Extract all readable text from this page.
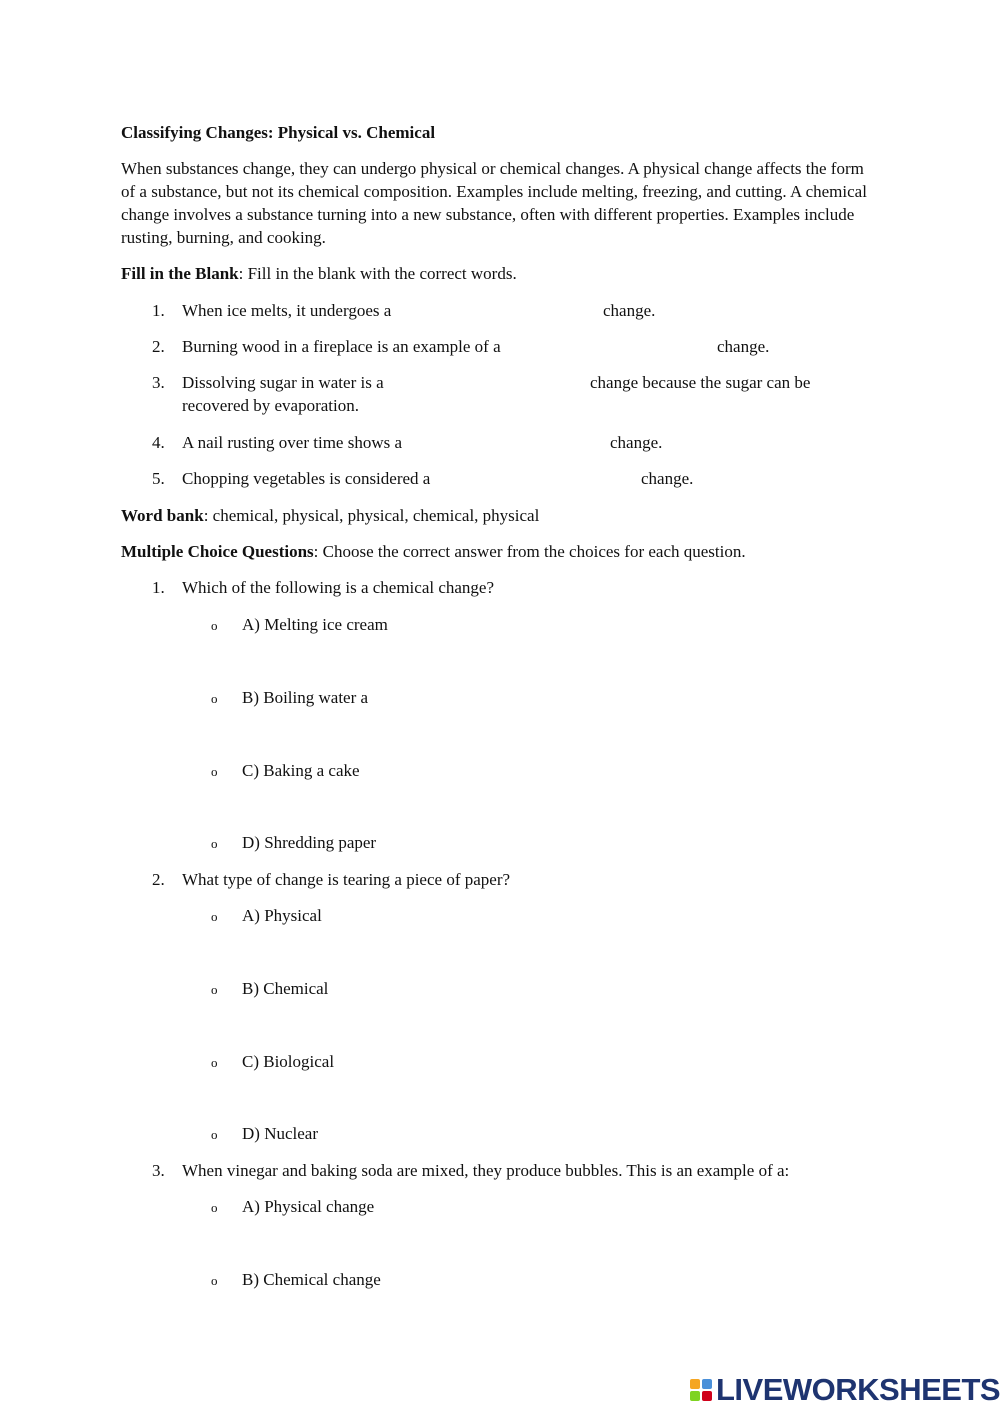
Classifying Changes: Physical vs. Chemical

When substances change, they can undergo physical or chemical changes. A physical change affects the form of a substance, but not its chemical composition. Examples include melting, freezing, and cutting. A chemical change involves a substance turning into a new substance, often with different properties. Examples include rusting, burning, and cooking.

Fill in the Blank: Fill in the blank with the correct words.
1. When ice melts, it undergoes a	change.
2. Burning wood in a fireplace is an example of a	change.
3. Dissolving sugar in water is a	change because the sugar can be
recovered by evaporation.
4. A nail rusting over time shows a	change.
5. Chopping vegetables is considered a	change.
Word bank: chemical, physical, physical, chemical, physical
Multiple Choice Questions: Choose the correct answer from the choices for each question.
1. Which of the following is a chemical change?
o A) Melting ice cream
o B) Boiling water a
o C) Baking a cake
o D) Shredding paper
2. What type of change is tearing a piece of paper?
o A) Physical
o B) Chemical
o C) Biological
o D) Nuclear
3. When vinegar and baking soda are mixed, they produce bubbles. This is an example of a:
o A) Physical change
o B) Chemical change
LIVEWORKSHEETS
